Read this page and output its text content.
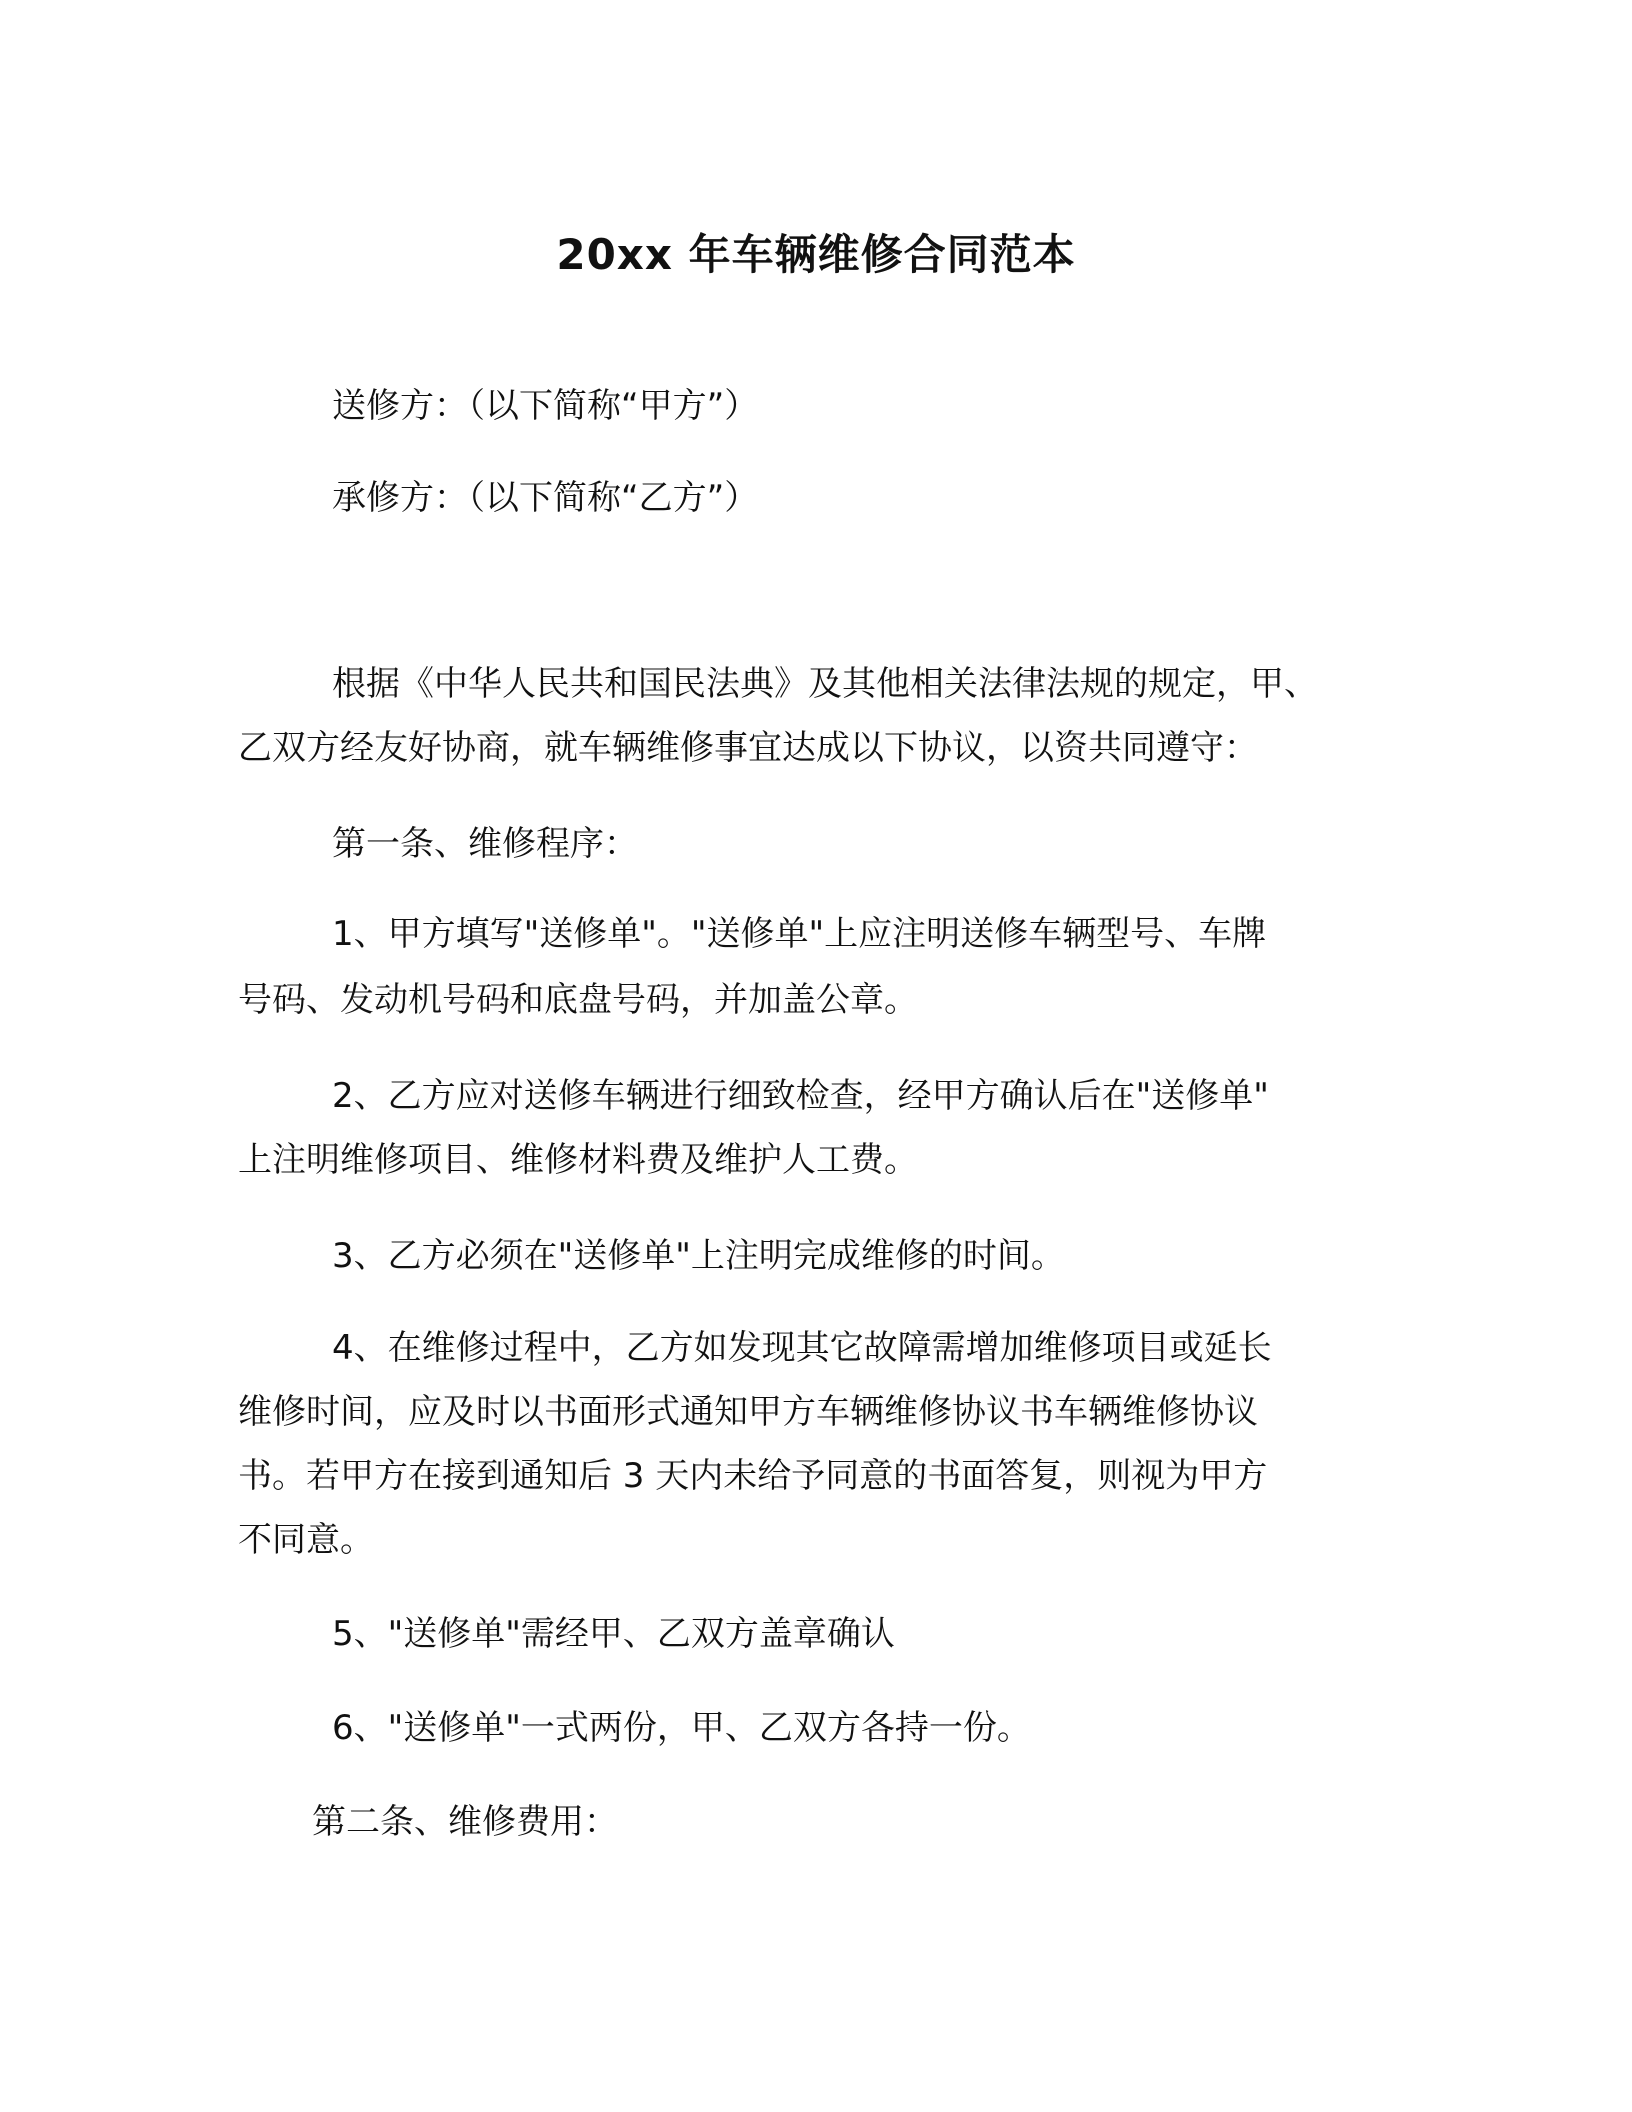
20xx 年车辆维修合同范本
送修方：（以下简称“甲方”）
承修方：（以下简称“乙方”）
根据《中华人民共和国民法典》及其他相关法律法规的规定，甲、
乙双方经友好协商，就车辆维修事宜达成以下协议，以资共同遵守：
第一条、维修程序：
1、甲方填写"送修单"。"送修单"上应注明送修车辆型号、车牌
号码、发动机号码和底盘号码，并加盖公章。
2、乙方应对送修车辆进行细致检查，经甲方确认后在"送修单"
上注明维修项目、维修材料费及维护人工费。
3、乙方必须在"送修单"上注明完成维修的时间。
4、在维修过程中，乙方如发现其它故障需增加维修项目或延长
维修时间，应及时以书面形式通知甲方车辆维修协议书车辆维修协议
书。若甲方在接到通知后 3 天内未给予同意的书面答复，则视为甲方
不同意。
5、"送修单"需经甲、乙双方盖章确认
6、"送修单"一式两份，甲、乙双方各持一份。
第二条、维修费用：
